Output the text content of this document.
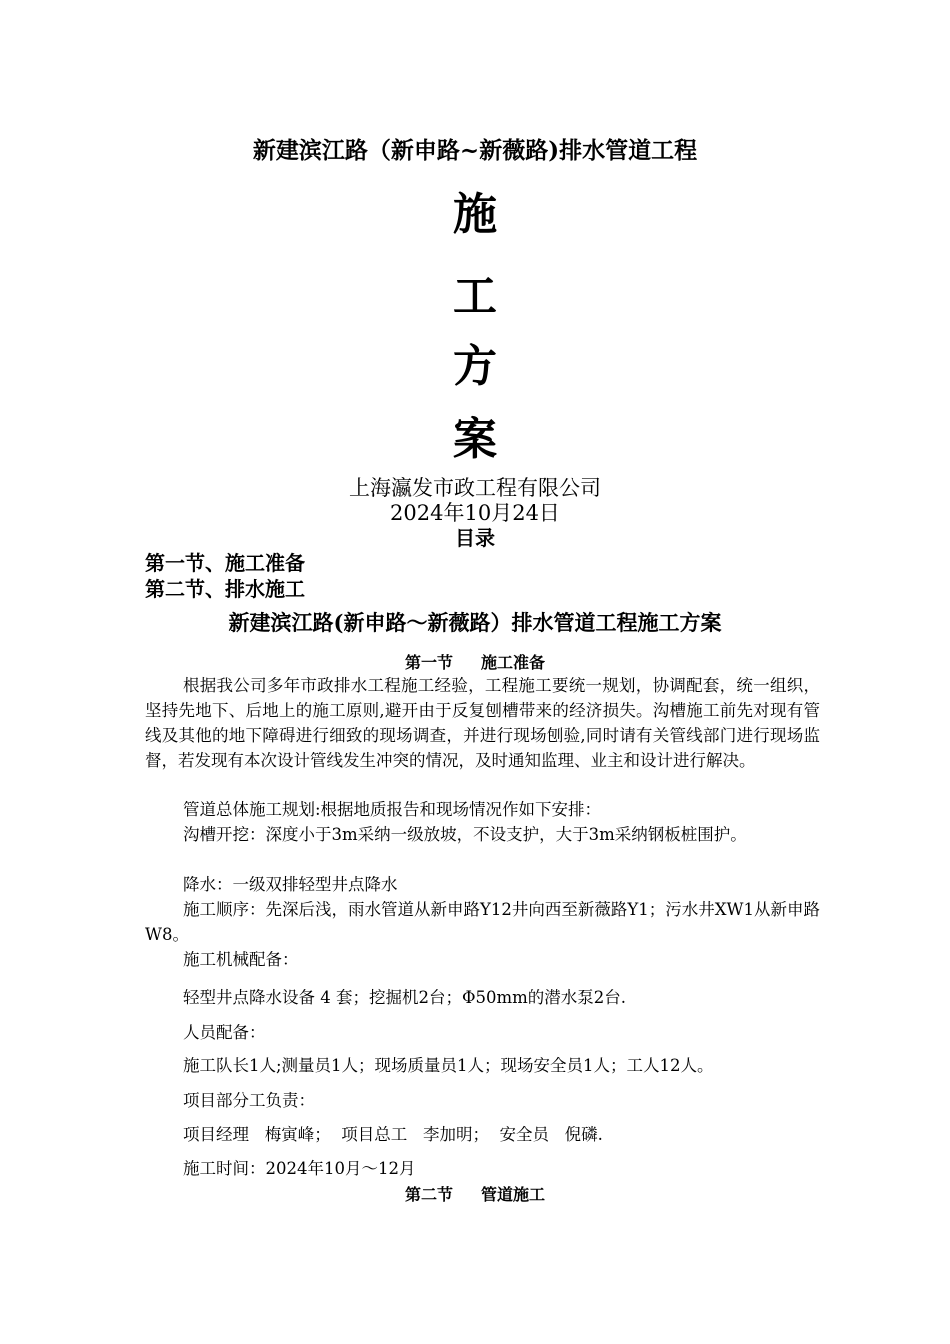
新建滨江路（新申路~新薇路)排水管道工程
施
工
方
案
上海瀛发市政工程有限公司
2024年10月24日
目录
第一节、施工准备
第二节、排水施工
新建滨江路(新申路～新薇路）排水管道工程施工方案
第一节 施工准备
根据我公司多年市政排水工程施工经验，工程施工要统一规划，协调配套，统一组织，坚持先地下、后地上的施工原则,避开由于反复刨槽带来的经济损失。沟槽施工前先对现有管线及其他的地下障碍进行细致的现场调查，并进行现场刨验,同时请有关管线部门进行现场监督，若发现有本次设计管线发生冲突的情况，及时通知监理、业主和设计进行解决。
管道总体施工规划:根据地质报告和现场情况作如下安排：
沟槽开挖：深度小于3m采纳一级放坡，不设支护，大于3m采纳钢板桩围护。
降水：一级双排轻型井点降水
施工顺序：先深后浅，雨水管道从新申路Y12井向西至新薇路Y1；污水井XW1从新申路W8。
施工机械配备：
轻型井点降水设备 4 套；挖掘机2台；Φ50mm的潜水泵2台.
人员配备：
施工队长1人;测量员1人；现场质量员1人；现场安全员1人；工人12人。
项目部分工负责：
项目经理   梅寅峰；  项目总工   李加明；  安全员   倪磷.
施工时间：2024年10月～12月
第二节 管道施工
